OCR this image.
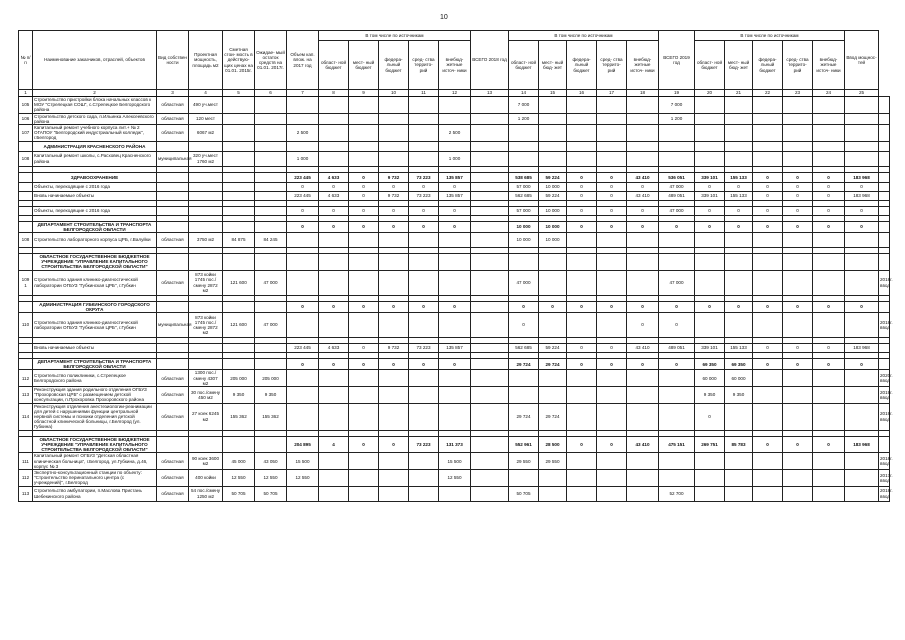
10
№ п/п	Наименование заказчиков, отраслей, объектов	Вид собствен ности	Проектная мощность, площадь м2	Сметная стои- мость в действую- щих ценах на 01.01. 2015г.	Ожидае- мый остаток средств на 01.01. 2017г.	Объем кап. влож. на 2017 год	В том числе по источникам					ВСЕГО 2018 год	В том числе по источникам					ВСЕГО 2019 год	В том числе по источникам					Ввод мощнос- тей	
							област- ной бюджет	мест- ный бюджет	федера- льный бюджет	сред- ства террито- рий	внебюд- жетные источ- ники		област- ной бюджет	мест- ный бюд- жет	федера- льный бюджет	сред- ства террито- рий	внебюд- жетные источ- ники		област- ной бюджет	мест- ный бюд- жет	федера- льный бюджет	сред- ства террито- рий	внебюд- жетные источ- ники		
1	2	3	4	5	6	7	8	9	10	11	12	13	14	15	16	17	18	19	20	21	22	23	24	25	
105	Строительство пристройки блока начальных классов к МОУ "Стрелецкая СОШ", с.Стрелецкое Белгородского района	областная	490 уч.мест										7 000					7 000							
106	Строительство детского сада, п.Ильинка Алексеевского района	областная	120 мест										1 200					1 200							
107	Капитальный ремонт учебного корпуса лит.+ № 2 ОГАПОУ "Белгородский индустриальный колледж", г.Белгород	областная	6067 м2			2 500					2 500														
	АДМИНИСТРАЦИЯ КРАСНЕНСКОГО РАЙОНА																								
108	Капитальный ремонт школы, с.Расховец Красненского района	муниципальная	320 уч.мест 1760 м2			1 000					1 000														

	ЗДРАВООХРАНЕНИЕ					223 445	4 633	0	9 732	73 223	135 857		538 685	59 224	0	0	43 410	536 051	339 101	155 133	0	0	0	183 968	
	Объекты, переходящие с 2016 года					0	0	0	0	0	0		57 000	10 000	0	0	0	47 000	0	0	0	0	0	0	
	Вновь начинаемые объекты					223 445	4 633	0	9 732	73 223	135 857		562 685	59 224	0	0	43 410	489 051	339 101	155 133	0	0	0	183 968	

	Объекты, переходящие с 2016 года					0	0	0	0	0	0		57 000	10 000	0	0	0	47 000	0	0	0	0	0	0	

	ДЕПАРТАМЕНТ СТРОИТЕЛЬСТВА И ТРАНСПОРТА БЕЛГОРОДСКОЙ ОБЛАСТИ					0	0	0	0	0	0		10 000	10 000	0	0	0	0	0	0	0	0	0	0	
108	Строительство лабораторного корпуса ЦРБ, г.Валуйки	областная	3750 м2	84 875	84 245								10 000	10 000											

	ОБЛАСТНОЕ ГОСУДАРСТВЕННОЕ БЮДЖЕТНОЕ УЧРЕЖДЕНИЕ "УПРАВЛЕНИЕ КАПИТАЛЬНОГО СТРОИТЕЛЬСТВА БЕЛГОРОДСКОЙ ОБЛАСТИ"																								
109 1	Строительство здания клинико-диагностической лаборатории ОГБУЗ "Губкинская ЦРБ", г.Губкин	областная	873 койки 1745 пос./смену 2872 м2	121 600	47 000								47 000					47 000							2018г. ввод

	АДМИНИСТРАЦИЯ ГУБКИНСКОГО ГОРОДСКОГО ОКРУГА					0	0	0	0	0	0		0	0	0	0	0	0	0	0	0	0	0	0	
110	Строительство здания клинико-диагностической лаборатории ОГБУЗ "Губкинская ЦРБ", г.Губкин	муниципальная	873 койки 1745 пос./смену 2872 м2	121 600	47 000								0				0	0							2018г. ввод

	Вновь начинаемые объекты					223 445	4 633	0	9 732	73 223	135 857		562 685	59 224	0	0	43 410	489 051	339 101	155 133	0	0	0	183 968	

	ДЕПАРТАМЕНТ СТРОИТЕЛЬСТВА И ТРАНСПОРТА БЕЛГОРОДСКОЙ ОБЛАСТИ					0	0	0	0	0	0		29 724	29 724	0	0	0	0	69 350	69 350	0	0	0	0	
112	Строительство поликлиники, с.Стрелецкое Белгородского района	областная	1300 пос./смену 4307 м2	205 000	205 000														60 000	60 000					2020г. ввод
113	Реконструкция здания родильного отделения ОГБУЗ "Прохоровская ЦРБ" с размещением детской консультации, п.Прохоровка Прохоровского района	областная	30 пос./смену 450 м2	9 350	9 350														9 350	9 350					2019г. ввод
114	Реконструкция отделения анестезиологии-реанимации для детей с нарушениями функции центральной нервной системы и психики отделения детской областной клинической больницы, г.Белгород (ул. Губкина)	областная	27 коек 6245 м2	155 362	155 362								29 724	29 724					0						2019г. ввод

	ОБЛАСТНОЕ ГОСУДАРСТВЕННОЕ БЮДЖЕТНОЕ УЧРЕЖДЕНИЕ "УПРАВЛЕНИЕ КАПИТАЛЬНОГО СТРОИТЕЛЬСТВА БЕЛГОРОДСКОЙ ОБЛАСТИ"					204 895	4	0	0	73 223	131 373		552 961	28 500	0	0	43 410	475 151	269 751	85 783	0	0	0	183 968	
111	Капитальный ремонт ОГБУЗ "Детская областная клиническая больница", г.Белгород, ул.Губкина, д.46, корпус № 3	областная	90 коек 3600 м2	45 000	43 050	15 500					15 500		29 550	29 550											2018г. ввод
112	Экспертно-консультационный станции по объекту: "Строительство перинатального центра (с учреждений)", г.Белгород	областная	400 койки	12 550	12 550	12 550					12 550														2017г. ввод
113	Строительство амбулатории, п.Маслова Пристань Шебекинского района	областная	54 пос./смену 1250 м2	50 705	50 705								50 705					52 700							2018г. ввод
